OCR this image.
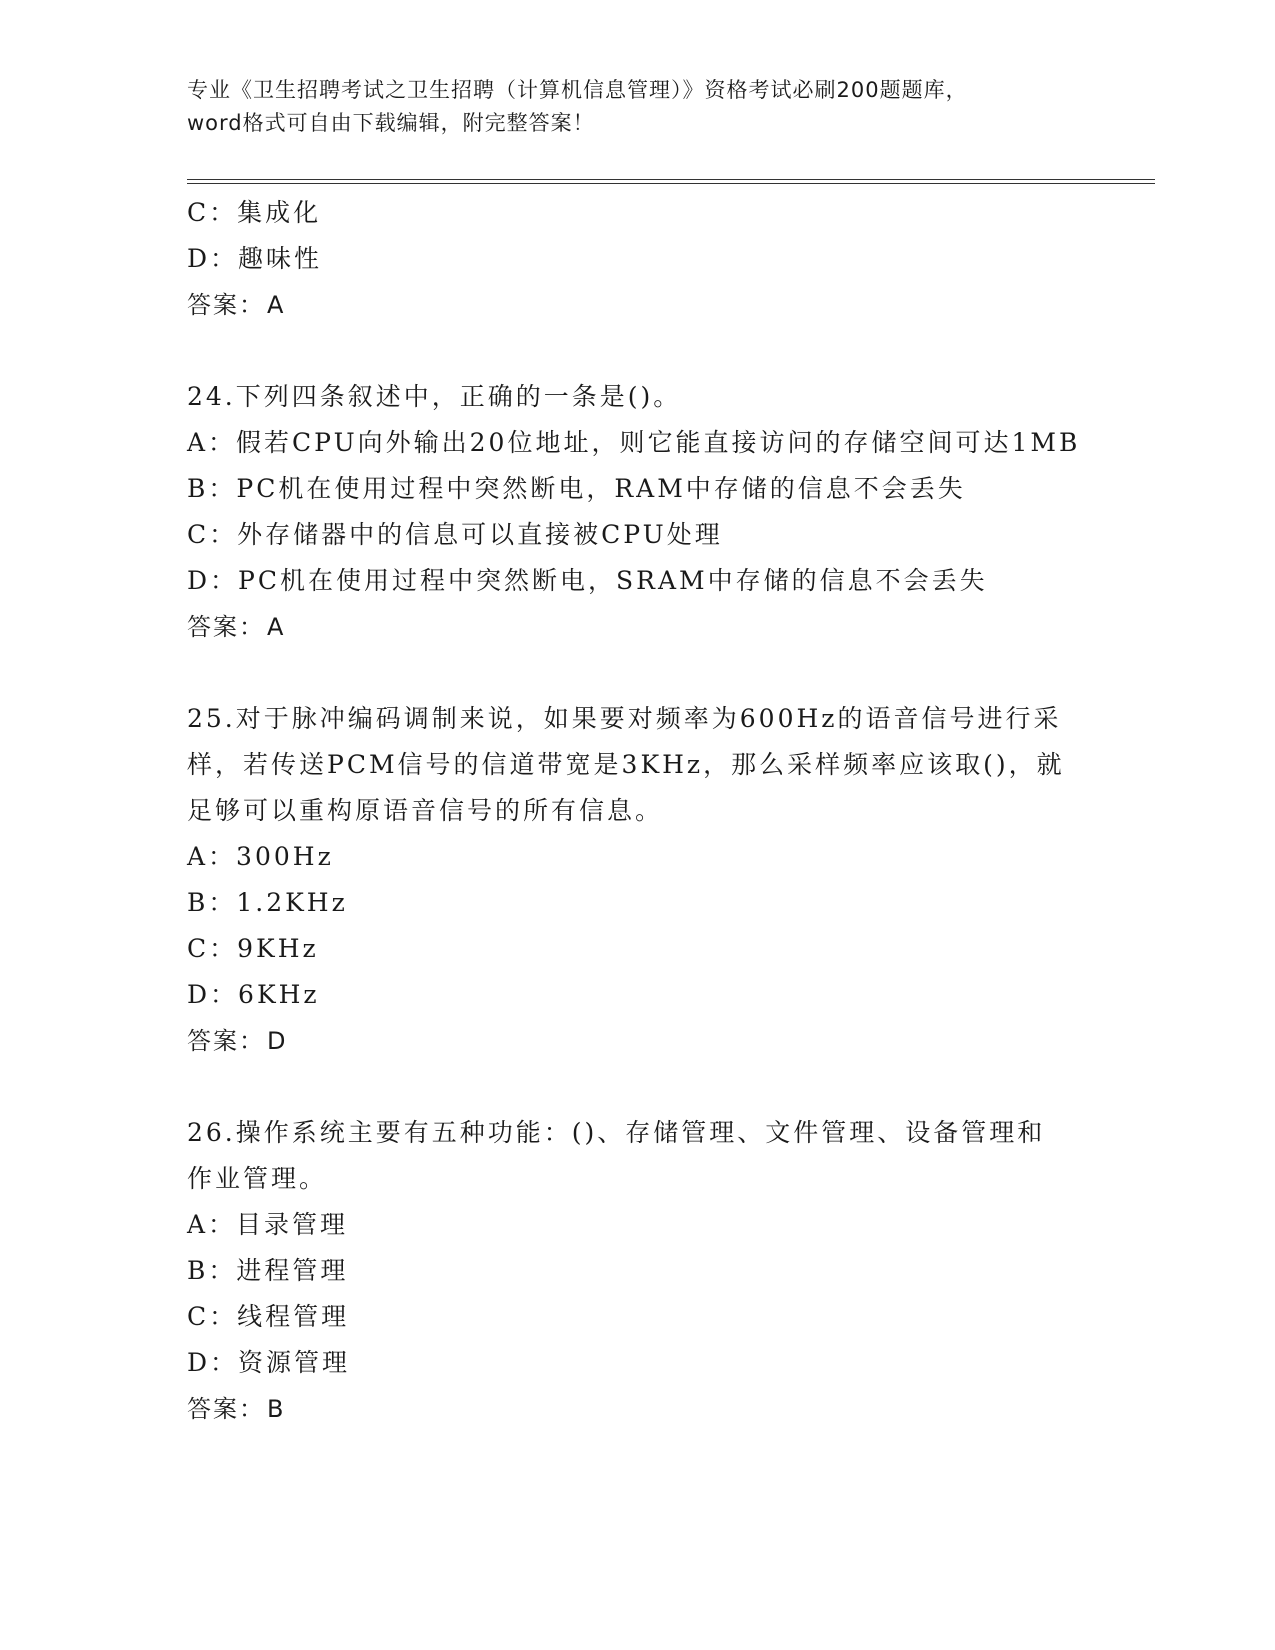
专业《卫生招聘考试之卫生招聘（计算机信息管理）》资格考试必刷200题题库，
word格式可自由下载编辑，附完整答案！

C：集成化

D：趣味性

答案：A

24.下列四条叙述中，正确的一条是()。

A：假若CPU向外输出20位地址，则它能直接访问的存储空间可达1MB

B：PC机在使用过程中突然断电，RAM中存储的信息不会丢失

C：外存储器中的信息可以直接被CPU处理

D：PC机在使用过程中突然断电，SRAM中存储的信息不会丢失

答案：A

25.对于脉冲编码调制来说，如果要对频率为600Hz的语音信号进行采

样，若传送PCM信号的信道带宽是3KHz，那么采样频率应该取()，就

足够可以重构原语音信号的所有信息。

A：300Hz

B：1.2KHz

C：9KHz

D：6KHz

答案：D

26.操作系统主要有五种功能：()、存储管理、文件管理、设备管理和

作业管理。

A：目录管理

B：进程管理

C：线程管理

D：资源管理

答案：B
